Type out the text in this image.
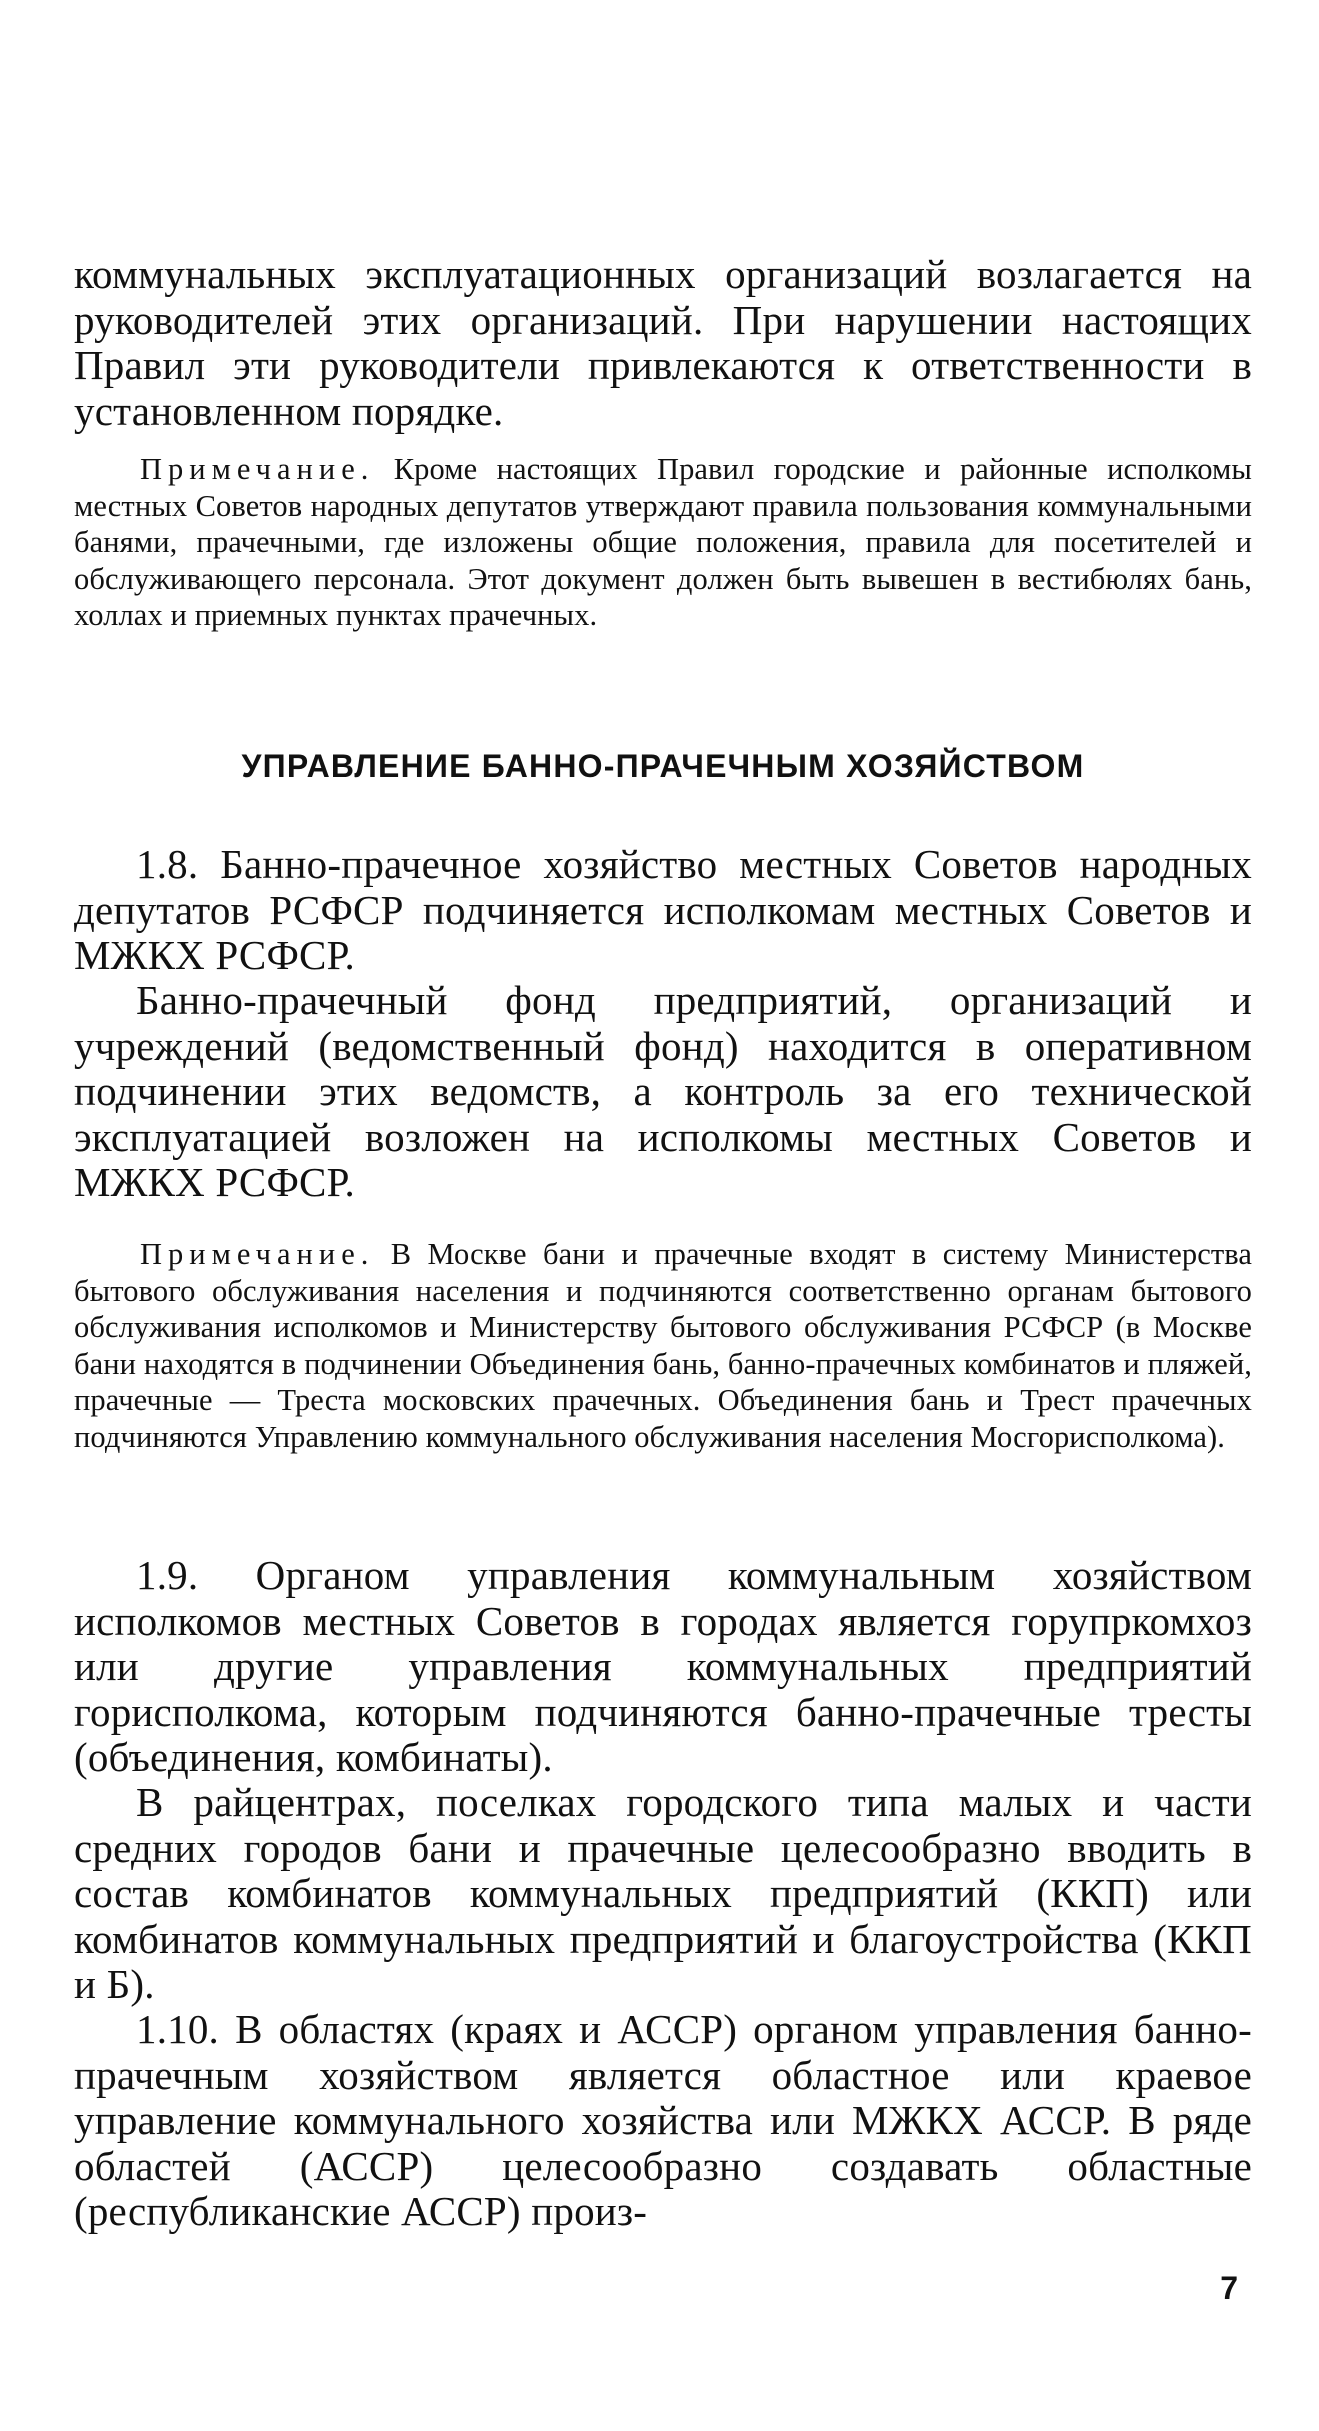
коммунальных эксплуатационных организаций возлагается на руководителей этих организаций. При нарушении настоящих Правил эти руководители привлекаются к ответственности в установленном порядке.

Примечание. Кроме настоящих Правил городские и районные исполкомы местных Советов народных депутатов утверждают правила пользования коммунальными банями, прачечными, где изложены общие положения, правила для посетителей и обслуживающего персонала. Этот документ должен быть вывешен в вестибюлях бань, холлах и приемных пунктах прачечных.

УПРАВЛЕНИЕ БАННО-ПРАЧЕЧНЫМ ХОЗЯЙСТВОМ

1.8. Банно-прачечное хозяйство местных Советов народных депутатов РСФСР подчиняется исполкомам местных Советов и МЖКХ РСФСР.

Банно-прачечный фонд предприятий, организаций и учреждений (ведомственный фонд) находится в оперативном подчинении этих ведомств, а контроль за его технической эксплуатацией возложен на исполкомы местных Советов и МЖКХ РСФСР.

Примечание. В Москве бани и прачечные входят в систему Министерства бытового обслуживания населения и подчиняются соответственно органам бытового обслуживания исполкомов и Министерству бытового обслуживания РСФСР (в Москве бани находятся в подчинении Объединения бань, банно-прачечных комбинатов и пляжей, прачечные — Треста московских прачечных. Объединения бань и Трест прачечных подчиняются Управлению коммунального обслуживания населения Мосгорисполкома).

1.9. Органом управления коммунальным хозяйством исполкомов местных Советов в городах является горупркомхоз или другие управления коммунальных предприятий горисполкома, которым подчиняются банно-прачечные тресты (объединения, комбинаты).

В райцентрах, поселках городского типа малых и части средних городов бани и прачечные целесообразно вводить в состав комбинатов коммунальных предприятий (ККП) или комбинатов коммунальных предприятий и благоустройства (ККП и Б).

1.10. В областях (краях и АССР) органом управления банно-прачечным хозяйством является областное или краевое управление коммунального хозяйства или МЖКХ АССР. В ряде областей (АССР) целесообразно создавать областные (республиканские АССР) произ-

7
